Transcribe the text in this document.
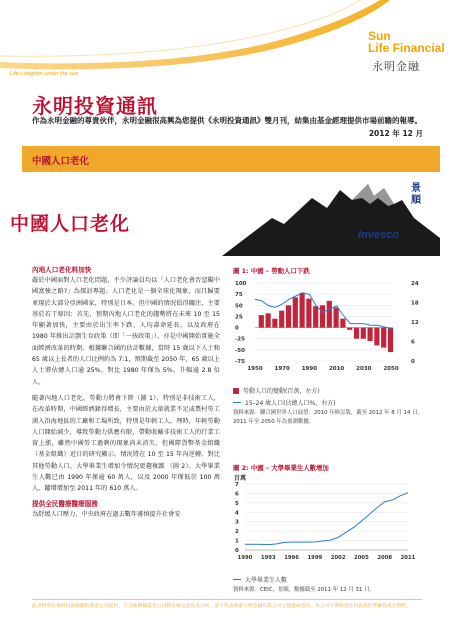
Life's brighter under the sun
Sun
Life Financial
永明金融
永明投資通訊
作為永明金融的尊貴伙伴，永明金融很高興為您提供《永明投資通訊》雙月刊，結集由基金經理提供市場前瞻的報導。
2012 年 12 月
中國人口老化
中國人口老化
景順
Invesco
內地人口老化料加快

嚴於中國面對人口老化問題，不少評論員均以「人口老化會否窒礙中國富強之路?」為探討專題。人口老化是一個全球化現象，而且歸要並現於大部分亞洲國家，特別是日本。但中國的情況值得關注，主要基於若干原因：首先，預期內地人口老化的趨勢將在未來 10 至 15 年顯著加快，主要由於出生率下跌、人均壽命延長，以及政府在 1980 年推出計劃生育政策（即「一孩政策」），亦是中國開始實施全面經濟改革的時期。根據聯合國的估計數據，當時 15 歲以下人士和 65 歲以上長者的人口比例約為 7:1，預期截至 2050 年，65 歲以上人士將佔總人口逾 25%，對比 1980 年僅為 5%，升幅逾 2.8 倍人。

隨著內地人口老化，勞動力將會下降（圖 1），特別是非技術工人，在改革時期，中國經濟錄得增長，主要由於大量就業不足或農村勞工湧入沿海地區的工廠和工場所致，特別是年輕工人。理時，年輕勞動人口開始減少，導致勞動力供應有限，帶動收輔非技術工人的行業工資上漲，雖然中國勞工過剩的現象尚未消失，但國際貨幣基金組織（基金組織）近日的研究顯示，情況將在 10 至 15 年內逆轉。對比其他勞動人口，大學畢業生增加令情況更趨複雜 （圖 2）。大學畢業生人數已由 1990 年僅逾 60 萬人，以及 2000 年僅低於 100 萬人，躍增增加至 2011 年的 610 萬人。

提供全民醫療醫療服務

為舒緩人口壓力，中央政府在過去數年審慎提升社會安

圖 1: 中國 – 勞動人口下跌
100
75
50
25
0
-25
-50
-75
24
18
12
6
0
1950 1970 1990 2010 2030 2050
勞動人口的變動(百萬，左方)
15–24 歲人口(佔總人口%，右方)
資料來源：聯合國世界人口展望：2010 年修訂版，截至 2012 年 8 月 14 日。2011 年至 2050 年為預測數據。
圖 2: 中國 – 大學畢業生人數增加
百萬
7
6
5
4
3
2
1
0
1990 1993 1996 1999 2002 2005 2008 2011
大學畢業生人數
資料來源：CEIC，景順，數據截至 2011 年 12 月 31 日。
此刊物所有資料均由相關的基金公司提供，只反映撰稿基金公司對市場之意見及分析，並不代表香港永明金融有限公司之建議或意見。本公司不會保證任何資料的準確性或完整性。
